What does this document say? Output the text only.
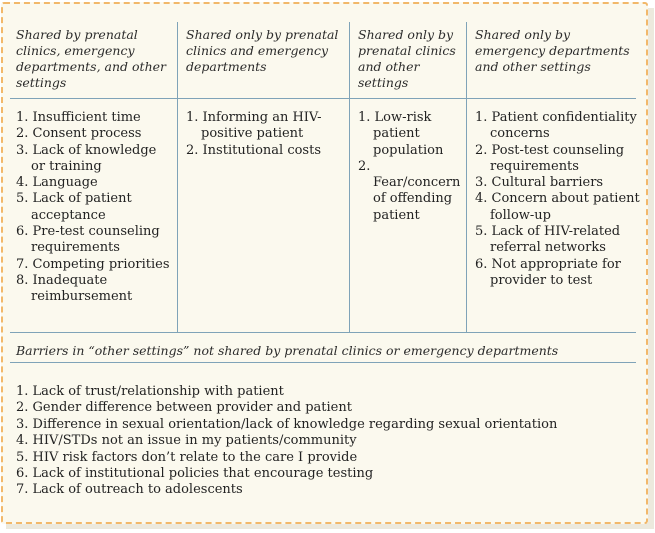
Shared by prenatal clinics, emergency departments, and other settings
1. Insufficient time
2. Consent process
3. Lack of knowledge or training
4. Language
5. Lack of patient acceptance
6. Pre-test counseling requirements
7. Competing priorities
8. Inadequate reimbursement
Shared only by prenatal clinics and emergency departments
1. Informing an HIV-positive patient
2. Institutional costs
Shared only by prenatal clinics and other settings
1. Low-risk patient population
2. Fear/concern of offending patient
Shared only by emergency departments and other settings
1. Patient confidentiality concerns
2. Post-test counseling requirements
3. Cultural barriers
4. Concern about patient follow-up
5. Lack of HIV-related referral networks
6. Not appropriate for provider to test
Barriers in “other settings” not shared by prenatal clinics or emergency departments
1. Lack of trust/relationship with patient
2. Gender difference between provider and patient
3. Difference in sexual orientation/lack of knowledge regarding sexual orientation
4. HIV/STDs not an issue in my patients/community
5. HIV risk factors don’t relate to the care I provide
6. Lack of institutional policies that encourage testing
7. Lack of outreach to adolescents
